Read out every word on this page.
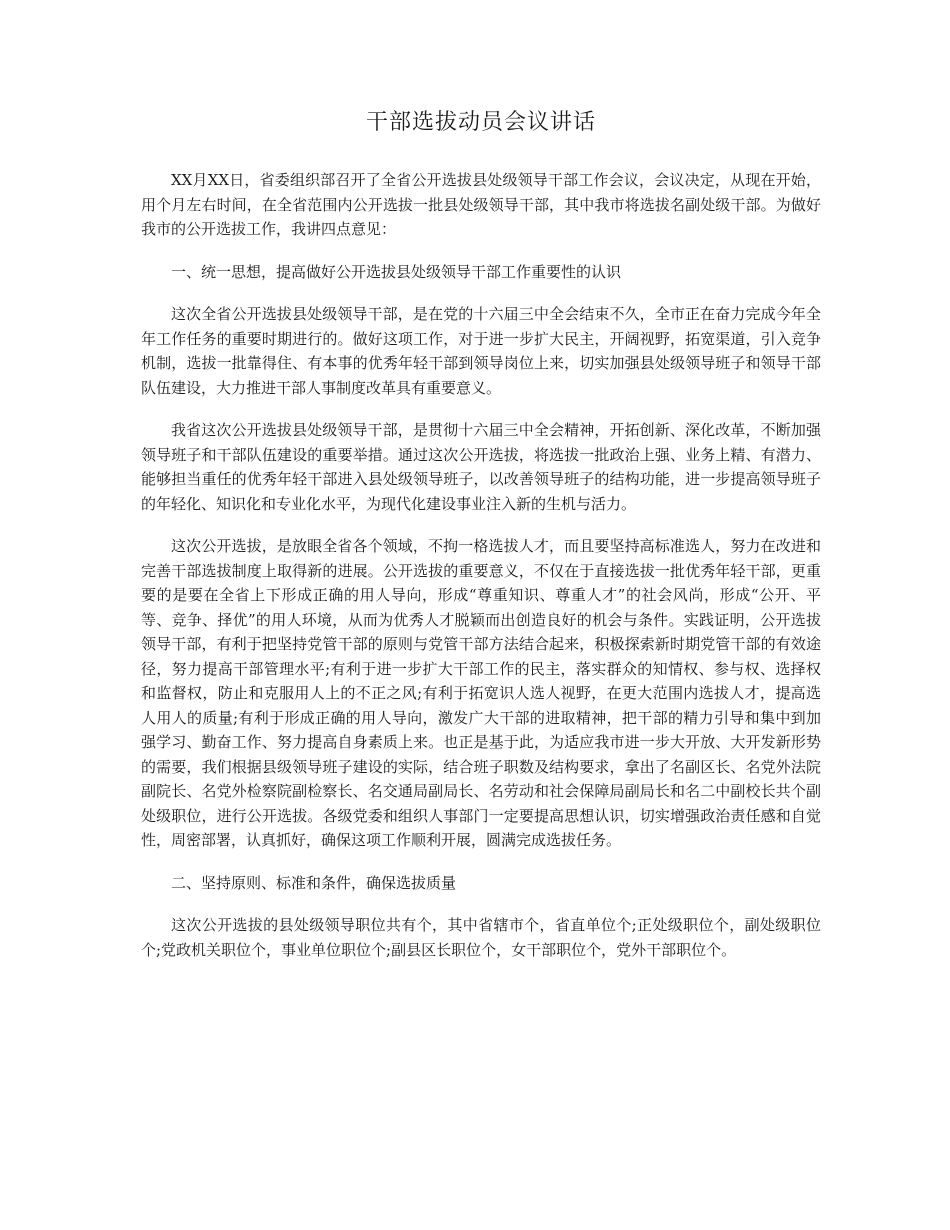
干部选拔动员会议讲话

XX月XX日，省委组织部召开了全省公开选拔县处级领导干部工作会议，会议决定，从现在开始，用个月左右时间，在全省范围内公开选拔一批县处级领导干部，其中我市将选拔名副处级干部。为做好我市的公开选拔工作，我讲四点意见：

一、统一思想，提高做好公开选拔县处级领导干部工作重要性的认识

这次全省公开选拔县处级领导干部，是在党的十六届三中全会结束不久，全市正在奋力完成今年全年工作任务的重要时期进行的。做好这项工作，对于进一步扩大民主，开阔视野，拓宽渠道，引入竞争机制，选拔一批靠得住、有本事的优秀年轻干部到领导岗位上来，切实加强县处级领导班子和领导干部队伍建设，大力推进干部人事制度改革具有重要意义。

我省这次公开选拔县处级领导干部，是贯彻十六届三中全会精神，开拓创新、深化改革，不断加强领导班子和干部队伍建设的重要举措。通过这次公开选拔，将选拔一批政治上强、业务上精、有潜力、能够担当重任的优秀年轻干部进入县处级领导班子，以改善领导班子的结构功能，进一步提高领导班子的年轻化、知识化和专业化水平，为现代化建设事业注入新的生机与活力。

这次公开选拔，是放眼全省各个领域，不拘一格选拔人才，而且要坚持高标准选人，努力在改进和完善干部选拔制度上取得新的进展。公开选拔的重要意义，不仅在于直接选拔一批优秀年轻干部，更重要的是要在全省上下形成正确的用人导向，形成“尊重知识、尊重人才”的社会风尚，形成“公开、平等、竞争、择优”的用人环境，从而为优秀人才脱颖而出创造良好的机会与条件。实践证明，公开选拔领导干部，有利于把坚持党管干部的原则与党管干部方法结合起来，积极探索新时期党管干部的有效途径，努力提高干部管理水平;有利于进一步扩大干部工作的民主，落实群众的知情权、参与权、选择权和监督权，防止和克服用人上的不正之风;有利于拓宽识人选人视野，在更大范围内选拔人才，提高选人用人的质量;有利于形成正确的用人导向，激发广大干部的进取精神，把干部的精力引导和集中到加强学习、勤奋工作、努力提高自身素质上来。也正是基于此，为适应我市进一步大开放、大开发新形势的需要，我们根据县级领导班子建设的实际，结合班子职数及结构要求，拿出了名副区长、名党外法院副院长、名党外检察院副检察长、名交通局副局长、名劳动和社会保障局副局长和名二中副校长共个副处级职位，进行公开选拔。各级党委和组织人事部门一定要提高思想认识，切实增强政治责任感和自觉性，周密部署，认真抓好，确保这项工作顺利开展，圆满完成选拔任务。

二、坚持原则、标准和条件，确保选拔质量

这次公开选拔的县处级领导职位共有个，其中省辖市个，省直单位个;正处级职位个，副处级职位个;党政机关职位个，事业单位职位个;副县区长职位个，女干部职位个，党外干部职位个。
